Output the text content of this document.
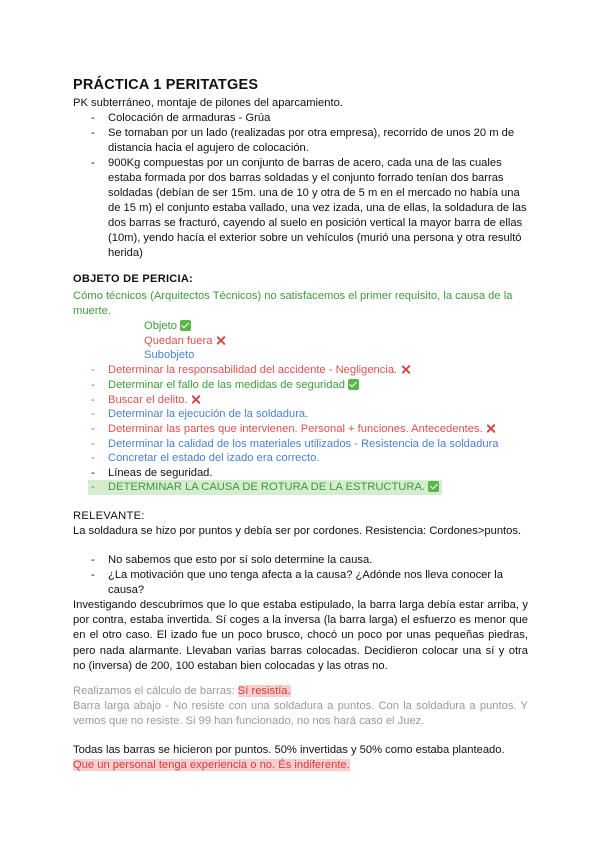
PRÁCTICA 1 PERITATGES
PK subterráneo, montaje de pilones del aparcamiento.
- Colocación de armaduras - Grúa
- Se tomaban por un lado (realizadas por otra empresa), recorrido de unos 20 m de
distancia hacia el agujero de colocación.
- 900Kg compuestas por un conjunto de barras de acero, cada una de las cuales
estaba formada por dos barras soldadas y el conjunto forrado tenían dos barras
soldadas (debían de ser 15m. una de 10 y otra de 5 m en el mercado no había una
de 15 m) el conjunto estaba vallado, una vez izada, una de ellas, la soldadura de las
dos barras se fracturó, cayendo al suelo en posición vertical la mayor barra de ellas
(10m), yendo hacía el exterior sobre un vehículos (murió una persona y otra resultó
herida)
OBJETO DE PERICIA:
Cómo técnicos (Arquitectos Técnicos) no satisfacemos el primer requisito, la causa de la
muerte.
Objeto
Quedan fuera
Subobjeto
- Determinar la responsabilidad del accidente - Negligencia.
- Determinar el fallo de las medidas de seguridad
- Buscar el delito.
- Determinar la ejecución de la soldadura.
- Determinar las partes que intervienen. Personal + funciones. Antecedentes.
- Determinar la calidad de los materiales utilizados - Resistencia de la soldadura
- Concretar el estado del izado era correcto.
- Líneas de seguridad.
- DETERMINAR LA CAUSA DE ROTURA DE LA ESTRUCTURA.
RELEVANTE:
La soldadura se hizo por puntos y debía ser por cordones. Resistencia: Cordones>puntos.
- No sabemos que esto por sí solo determine la causa.
- ¿La motivación que uno tenga afecta a la causa? ¿Adónde nos lleva conocer la
causa?
Investigando descubrimos que lo que estaba estipulado, la barra larga debía estar arriba, y por contra, estaba invertida. Sí coges a la inversa (la barra larga) el esfuerzo es menor que en el otro caso. El izado fue un poco brusco, chocó un poco por unas pequeñas piedras, pero nada alarmante. Llevaban varias barras colocadas. Decidieron colocar una sí y otra no (inversa) de 200, 100 estaban bien colocadas y las otras no.
Realizamos el cálculo de barras: Sí resistía.
Barra larga abajo - No resiste con una soldadura a puntos. Con la soldadura a puntos. Y vemos que no resiste. Si 99 han funcionado, no nos hará caso el Juez.
Todas las barras se hicieron por puntos. 50% invertidas y 50% como estaba planteado.
Que un personal tenga experiencia o no. És indiferente.
